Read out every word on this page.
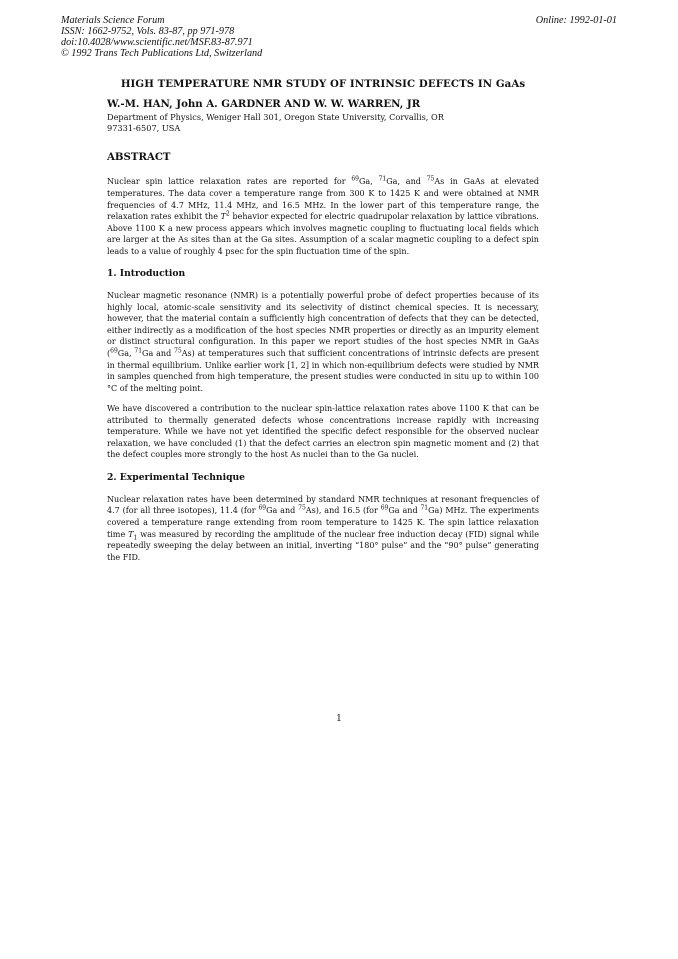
Materials Science Forum
ISSN: 1662-9752, Vols. 83-87, pp 971-978
doi:10.4028/www.scientific.net/MSF.83-87.971
© 1992 Trans Tech Publications Ltd, Switzerland
Online: 1992-01-01
HIGH TEMPERATURE NMR STUDY OF INTRINSIC DEFECTS IN GaAs
W.-M. HAN, John A. GARDNER AND W. W. WARREN, JR
Department of Physics, Weniger Hall 301, Oregon State University, Corvallis, OR
97331-6507, USA
ABSTRACT

Nuclear spin lattice relaxation rates are reported for $^{69}$Ga, $^{71}$Ga, and $^{75}$As in GaAs at elevated temperatures. The data cover a temperature range from 300 K to 1425 K and were obtained at NMR frequencies of 4.7 MHz, 11.4 MHz, and 16.5 MHz. In the lower part of this temperature range, the relaxation rates exhibit the $T^2$ behavior expected for electric quadrupolar relaxation by lattice vibrations. Above 1100 K a new process appears which involves magnetic coupling to fluctuating local fields which are larger at the As sites than at the Ga sites. Assumption of a scalar magnetic coupling to a defect spin leads to a value of roughly 4 psec for the spin fluctuation time of the spin.

1. Introduction

Nuclear magnetic resonance (NMR) is a potentially powerful probe of defect properties because of its highly local, atomic-scale sensitivity and its selectivity of distinct chemical species. It is necessary, however, that the material contain a sufficiently high concentration of defects that they can be detected, either indirectly as a modification of the host species NMR properties or directly as an impurity element or distinct structural configuration. In this paper we report studies of the host species NMR in GaAs ($^{69}$Ga, $^{71}$Ga and $^{75}$As) at temperatures such that sufficient concentrations of intrinsic defects are present in thermal equilibrium. Unlike earlier work [1, 2] in which non-equilibrium defects were studied by NMR in samples quenched from high temperature, the present studies were conducted in situ up to within 100 °C of the melting point.

We have discovered a contribution to the nuclear spin-lattice relaxation rates above 1100 K that can be attributed to thermally generated defects whose concentrations increase rapidly with increasing temperature. While we have not yet identified the specific defect responsible for the observed nuclear relaxation, we have concluded (1) that the defect carries an electron spin magnetic moment and (2) that the defect couples more strongly to the host As nuclei than to the Ga nuclei.

2. Experimental Technique

Nuclear relaxation rates have been determined by standard NMR techniques at resonant frequencies of 4.7 (for all three isotopes), 11.4 (for $^{69}$Ga and $^{75}$As), and 16.5 (for $^{69}$Ga and $^{71}$Ga) MHz. The experiments covered a temperature range extending from room temperature to 1425 K. The spin lattice relaxation time $T_1$ was measured by recording the amplitude of the nuclear free induction decay (FID) signal while repeatedly sweeping the delay between an initial, inverting “180° pulse” and the “90° pulse” generating the FID.

1
